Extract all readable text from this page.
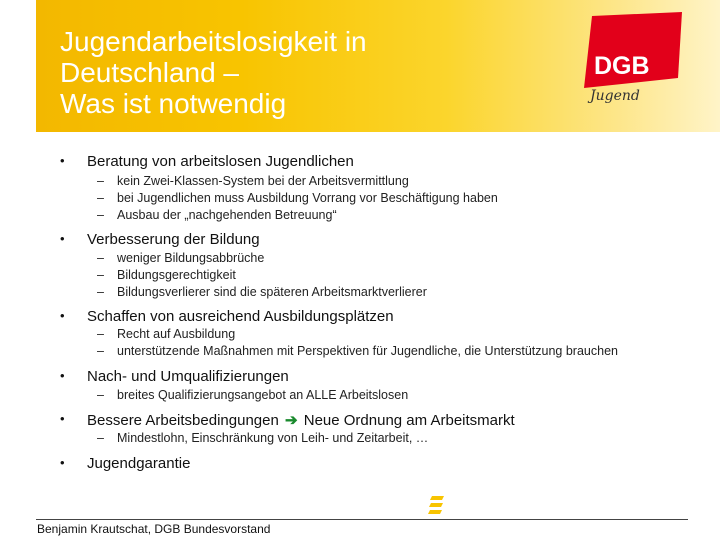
Jugendarbeitslosigkeit in
Deutschland –
Was ist notwendig
DGB
Jugend
• Beratung von arbeitslosen Jugendlichen
– kein Zwei-Klassen-System bei der Arbeitsvermittlung
– bei Jugendlichen muss Ausbildung Vorrang vor Beschäftigung haben
– Ausbau der „nachgehenden Betreuung“
• Verbesserung der Bildung
– weniger Bildungsabbrüche
– Bildungsgerechtigkeit
– Bildungsverlierer sind die späteren Arbeitsmarktverlierer
• Schaffen von ausreichend Ausbildungsplätzen
– Recht auf Ausbildung
– unterstützende Maßnahmen mit Perspektiven für Jugendliche, die Unterstützung brauchen
• Nach- und Umqualifizierungen
– breites Qualifizierungsangebot an ALLE Arbeitslosen
• Bessere Arbeitsbedingungen ➔ Neue Ordnung am Arbeitsmarkt
– Mindestlohn, Einschränkung von Leih- und Zeitarbeit, …
• Jugendgarantie
Benjamin Krautschat, DGB Bundesvorstand
